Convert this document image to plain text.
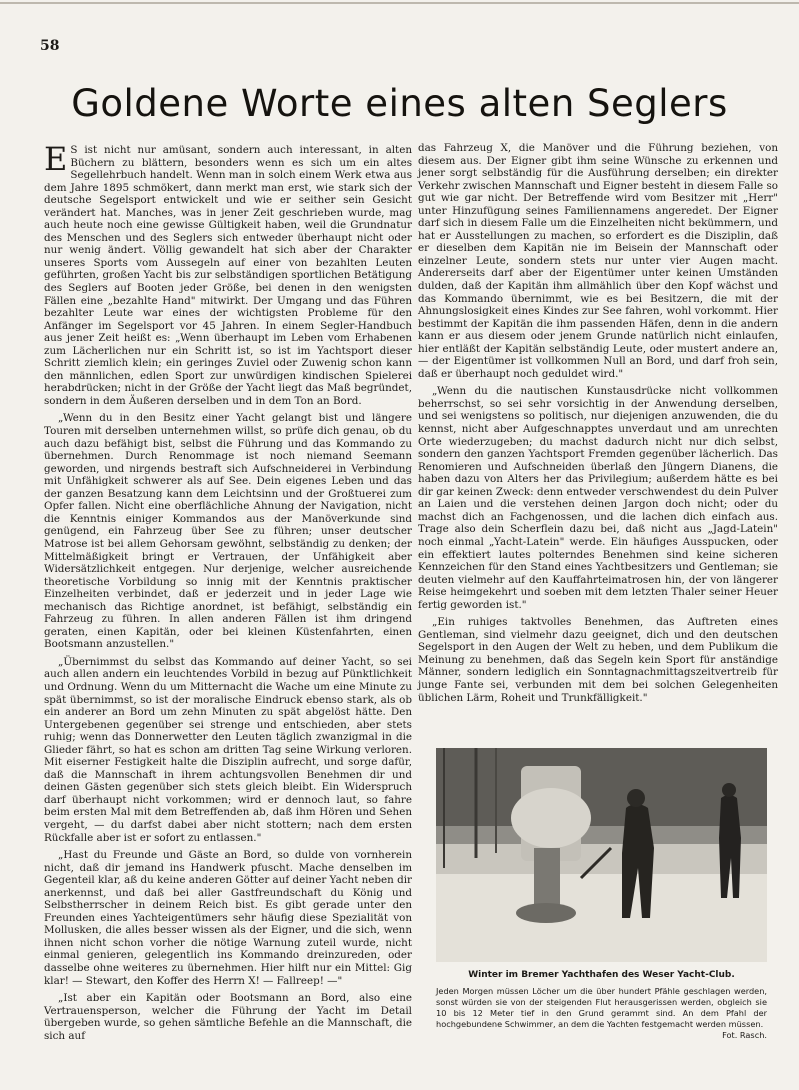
58
Goldene Worte eines alten Seglers

E S ist nicht nur amüsant, sondern auch interessant, in alten Büchern zu blättern, besonders wenn es sich um ein altes Segellehrbuch handelt. Wenn man in solch einem Werk etwa aus dem Jahre 1895 schmökert, dann merkt man erst, wie stark sich der deutsche Segelsport entwickelt und wie er seither sein Gesicht verändert hat. Manches, was in jener Zeit geschrieben wurde, mag auch heute noch eine gewisse Gültigkeit haben, weil die Grundnatur des Menschen und des Seglers sich entweder überhaupt nicht oder nur wenig ändert. Völlig gewandelt hat sich aber der Charakter unseres Sports vom Aussegeln auf einer von bezahlten Leuten geführten, großen Yacht bis zur selbständigen sportlichen Betätigung des Seglers auf Booten jeder Größe, bei denen in den wenigsten Fällen eine „bezahlte Hand" mitwirkt. Der Umgang und das Führen bezahlter Leute war eines der wichtigsten Probleme für den Anfänger im Segelsport vor 45 Jahren. In einem Segler-Handbuch aus jener Zeit heißt es: „Wenn überhaupt im Leben vom Erhabenen zum Lächerlichen nur ein Schritt ist, so ist im Yachtsport dieser Schritt ziemlich klein; ein geringes Zuviel oder Zuwenig schon kann den männlichen, edlen Sport zur unwürdigen kindischen Spielerei herabdrücken; nicht in der Größe der Yacht liegt das Maß begründet, sondern in dem Äußeren derselben und in dem Ton an Bord.

„Wenn du in den Besitz einer Yacht gelangt bist und längere Touren mit derselben unternehmen willst, so prüfe dich genau, ob du auch dazu befähigt bist, selbst die Führung und das Kommando zu übernehmen. Durch Renommage ist noch niemand Seemann geworden, und nirgends bestraft sich Aufschneiderei in Verbindung mit Unfähigkeit schwerer als auf See. Dein eigenes Leben und das der ganzen Besatzung kann dem Leichtsinn und der Großtuerei zum Opfer fallen. Nicht eine oberflächliche Ahnung der Navigation, nicht die Kenntnis einiger Kommandos aus der Manöverkunde sind genügend, ein Fahrzeug über See zu führen; unser deutscher Matrose ist bei allem Gehorsam gewöhnt, selbständig zu denken; der Mittelmäßigkeit bringt er Vertrauen, der Unfähigkeit aber Widersätzlichkeit entgegen. Nur derjenige, welcher ausreichende theoretische Vorbildung so innig mit der Kenntnis praktischer Einzelheiten verbindet, daß er jederzeit und in jeder Lage wie mechanisch das Richtige anordnet, ist befähigt, selbständig ein Fahrzeug zu führen. In allen anderen Fällen ist ihm dringend geraten, einen Kapitän, oder bei kleinen Küstenfahrten, einen Bootsmann anzustellen."

„Übernimmst du selbst das Kommando auf deiner Yacht, so sei auch allen andern ein leuchtendes Vorbild in bezug auf Pünktlichkeit und Ordnung. Wenn du um Mitternacht die Wache um eine Minute zu spät übernimmst, so ist der moralische Eindruck ebenso stark, als ob ein anderer an Bord um zehn Minuten zu spät abgelöst hätte. Den Untergebenen gegenüber sei strenge und entschieden, aber stets ruhig; wenn das Donnerwetter den Leuten täglich zwanzigmal in die Glieder fährt, so hat es schon am dritten Tag seine Wirkung verloren. Mit eiserner Festigkeit halte die Disziplin aufrecht, und sorge dafür, daß die Mannschaft in ihrem achtungsvollen Benehmen dir und deinen Gästen gegenüber sich stets gleich bleibt. Ein Widerspruch darf überhaupt nicht vorkommen; wird er dennoch laut, so fahre beim ersten Mal mit dem Betreffenden ab, daß ihm Hören und Sehen vergeht, — du darfst dabei aber nicht stottern; nach dem ersten Rückfalle aber ist er sofort zu entlassen."

„Hast du Freunde und Gäste an Bord, so dulde von vornherein nicht, daß dir jemand ins Handwerk pfuscht. Mache denselben im Gegenteil klar, aß du keine anderen Götter auf deiner Yacht neben dir anerkennst, und daß bei aller Gastfreundschaft du König und Selbstherrscher in deinem Reich bist. Es gibt gerade unter den Freunden eines Yachteigentümers sehr häufig diese Spezialität von Mollusken, die alles besser wissen als der Eigner, und die sich, wenn ihnen nicht schon vorher die nötige Warnung zuteil wurde, nicht einmal genieren, gelegentlich ins Kommando dreinzureden, oder dasselbe ohne weiteres zu übernehmen. Hier hilft nur ein Mittel: Gig klar! — Stewart, den Koffer des Herrn X! — Fallreep! —"

„Ist aber ein Kapitän oder Bootsmann an Bord, also eine Vertrauensperson, welcher die Führung der Yacht im Detail übergeben wurde, so gehen sämtliche Befehle an die Mannschaft, die sich auf

das Fahrzeug X, die Manöver und die Führung beziehen, von diesem aus. Der Eigner gibt ihm seine Wünsche zu erkennen und jener sorgt selbständig für die Ausführung derselben; ein direkter Verkehr zwischen Mannschaft und Eigner besteht in diesem Falle so gut wie gar nicht. Der Betreffende wird vom Besitzer mit „Herr" unter Hinzufügung seines Familiennamens angeredet. Der Eigner darf sich in diesem Falle um die Einzelheiten nicht bekümmern, und hat er Ausstellungen zu machen, so erfordert es die Disziplin, daß er dieselben dem Kapitän nie im Beisein der Mannschaft oder einzelner Leute, sondern stets nur unter vier Augen macht. Andererseits darf aber der Eigentümer unter keinen Umständen dulden, daß der Kapitän ihm allmählich über den Kopf wächst und das Kommando übernimmt, wie es bei Besitzern, die mit der Ahnungslosigkeit eines Kindes zur See fahren, wohl vorkommt. Hier bestimmt der Kapitän die ihm passenden Häfen, denn in die andern kann er aus diesem oder jenem Grunde natürlich nicht einlaufen, hier entläßt der Kapitän selbständig Leute, oder mustert andere an, — der Eigentümer ist vollkommen Null an Bord, und darf froh sein, daß er überhaupt noch geduldet wird."

„Wenn du die nautischen Kunstausdrücke nicht vollkommen beherrschst, so sei sehr vorsichtig in der Anwendung derselben, und sei wenigstens so politisch, nur diejenigen anzuwenden, die du kennst, nicht aber Aufgeschnapptes unverdaut und am unrechten Orte wiederzugeben; du machst dadurch nicht nur dich selbst, sondern den ganzen Yachtsport Fremden gegenüber lächerlich. Das Renomieren und Aufschneiden überlaß den Jüngern Dianens, die haben dazu von Alters her das Privilegium; außerdem hätte es bei dir gar keinen Zweck: denn entweder verschwendest du dein Pulver an Laien und die verstehen deinen Jargon doch nicht; oder du machst dich an Fachgenossen, und die lachen dich einfach aus. Trage also dein Scherflein dazu bei, daß nicht aus „Jagd-Latein" noch einmal „Yacht-Latein" werde. Ein häufiges Ausspucken, oder ein effektiert lautes polterndes Benehmen sind keine sicheren Kennzeichen für den Stand eines Yachtbesitzers und Gentleman; sie deuten vielmehr auf den Kauffahrteimatrosen hin, der von längerer Reise heimgekehrt und soeben mit dem letzten Thaler seiner Heuer fertig geworden ist."

„Ein ruhiges taktvolles Benehmen, das Auftreten eines Gentleman, sind vielmehr dazu geeignet, dich und den deutschen Segelsport in den Augen der Welt zu heben, und dem Publikum die Meinung zu benehmen, daß das Segeln kein Sport für anständige Männer, sondern lediglich ein Sonntagnachmittagszeitvertreib für junge Fante sei, verbunden mit dem bei solchen Gelegenheiten üblichen Lärm, Roheit und Trunkfälligkeit."

Winter im Bremer Yachthafen des Weser Yacht-Club.
Jeden Morgen müssen Löcher um die über hundert Pfähle geschlagen werden, sonst würden sie von der steigenden Flut herausgerissen werden, obgleich sie 10 bis 12 Meter tief in den Grund gerammt sind. An dem Pfahl der hochgebundene Schwimmer, an dem die Yachten festgemacht werden müssen.
Fot. Rasch.
